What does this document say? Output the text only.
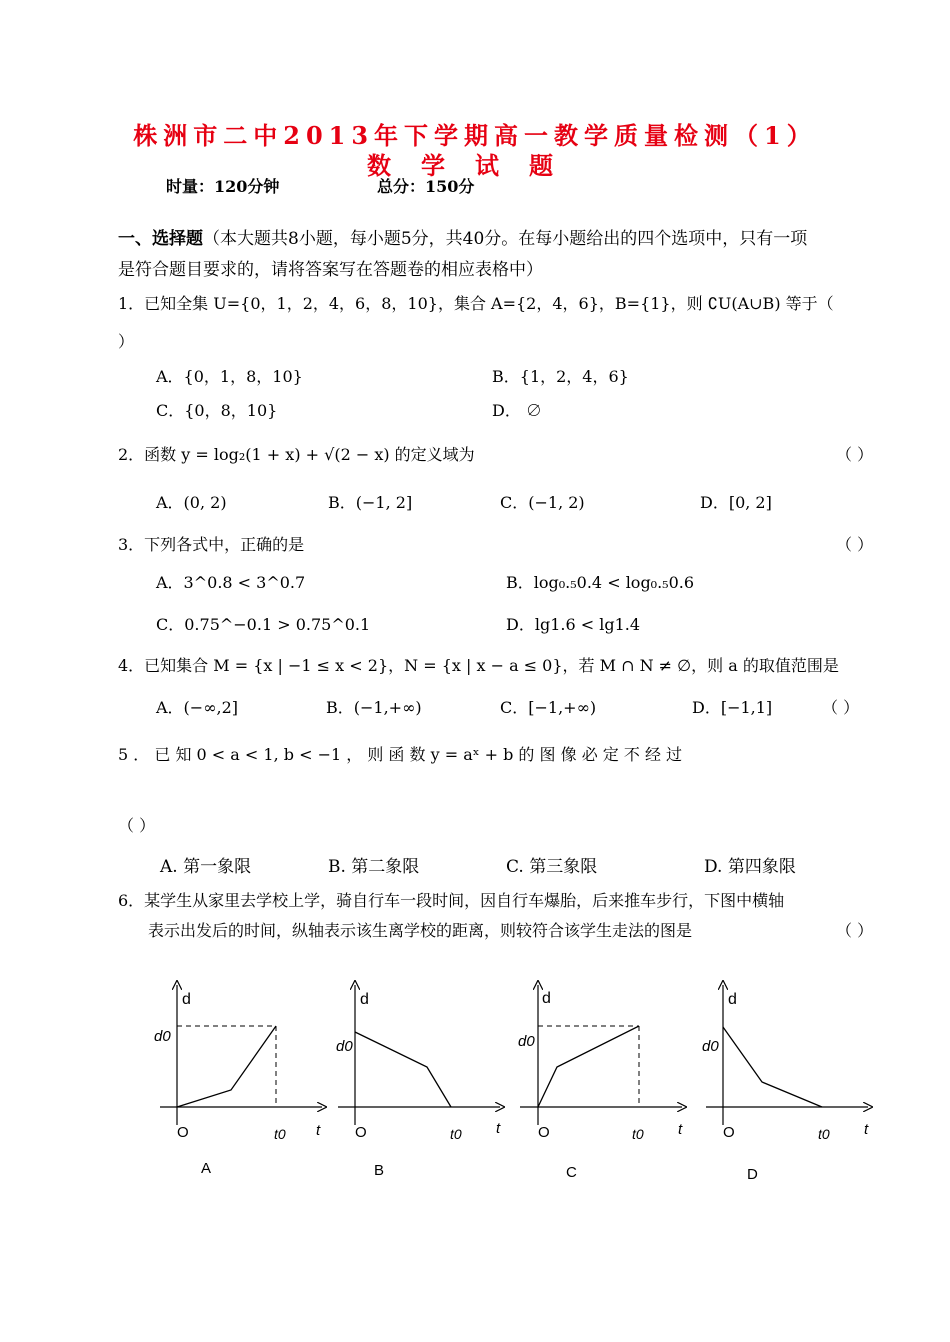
株洲市二中2013年下学期高一教学质量检测（1）
数学试题
时量：120分钟	总分：150分
一、选择题（本大题共8小题，每小题5分，共40分。在每小题给出的四个选项中，只有一项
是符合题目要求的，请将答案写在答题卷的相应表格中）
1．已知全集 U={0，1，2，4，6，8，10}，集合 A={2，4，6}，B={1}，则 ∁U(A∪B) 等于（
）
A．{0，1，8，10}	B．{1，2，4，6}
C．{0，8，10}	D． ∅
2．函数 y = log₂(1 + x) + √(2 − x) 的定义域为	（ ）
A．(0, 2)	B．(−1, 2]	C．(−1, 2)	D．[0, 2]
3．下列各式中，正确的是	（ ）
A．3^0.8 < 3^0.7	B．log₀.₅0.4 < log₀.₅0.6
C．0.75^−0.1 > 0.75^0.1	D．lg1.6 < lg1.4
4．已知集合 M = {x | −1 ≤ x < 2}，N = {x | x − a ≤ 0}，若 M ∩ N ≠ ∅，则 a 的取值范围是
A．(−∞,2]	B．(−1,+∞)	C．[−1,+∞)	D．[−1,1]	（ ）
5 ． 已 知 0 < a < 1, b < −1 ， 则 函 数 y = aˣ + b 的 图 像 必 定 不 经 过
（ ）
A. 第一象限	B. 第二象限	C. 第三象限	D. 第四象限
6．某学生从家里去学校上学，骑自行车一段时间，因自行车爆胎，后来推车步行，下图中横轴
表示出发后的时间，纵轴表示该生离学校的距离，则较符合该学生走法的图是	（ ）
d
d0
O	t0 t
A
d
d0
O	t0 t
B
d
d0
O	t0 t
C
d
d0
O	t0 t
D
